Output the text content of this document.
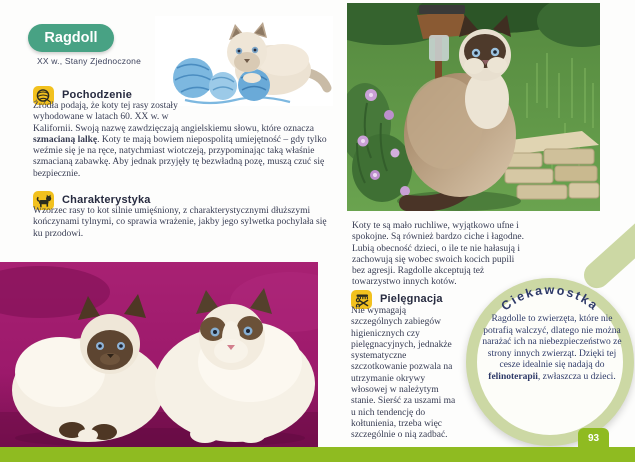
Ragdoll
XX w., Stany Zjednoczone
Pochodzenie
Źródła podają, że koty tej rasy zostały wyhodowane w latach 60. XX w. w Kalifornii. Swoją nazwę zawdzięczają angielskiemu słowu, które oznacza szmacianą lalkę. Koty te mają bowiem niepospolitą umiejętność – gdy tylko weźmie się je na ręce, natychmiast wiotczeją, przypominając taką właśnie szmacianą zabawkę. Aby jednak przyjęły tę bezwładną pozę, muszą czuć się bezpiecznie.
Charakterystyka
Wzorzec rasy to kot silnie umięśniony, z charakterystycznymi dłuższymi kończynami tylnymi, co sprawia wrażenie, jakby jego sylwetka pochylała się ku przodowi.
Koty te są mało ruchliwe, wyjątkowo ufne i spokojne. Są również bardzo ciche i łagodne. Lubią obecność dzieci, o ile te nie hałasują i zachowują się wobec swoich kocich pupili bez agresji. Ragdolle akceptują też towarzystwo innych kotów.
Pielęgnacja
Nie wymagają szczególnych zabiegów higienicznych czy pielęgnacyjnych, jednakże systematyczne szczotkowanie pozwala na utrzymanie okrywy włosowej w należytym stanie. Sierść za uszami ma u nich tendencję do kołtunienia, trzeba więc szczególnie o nią zadbać.
Ciekawostka
Ragdolle to zwierzęta, które nie potrafią walczyć, dlatego nie można narażać ich na niebezpieczeństwo ze strony innych zwierząt. Dzięki tej cesze idealnie się nadają do felinoterapii, zwłaszcza u dzieci.
93
